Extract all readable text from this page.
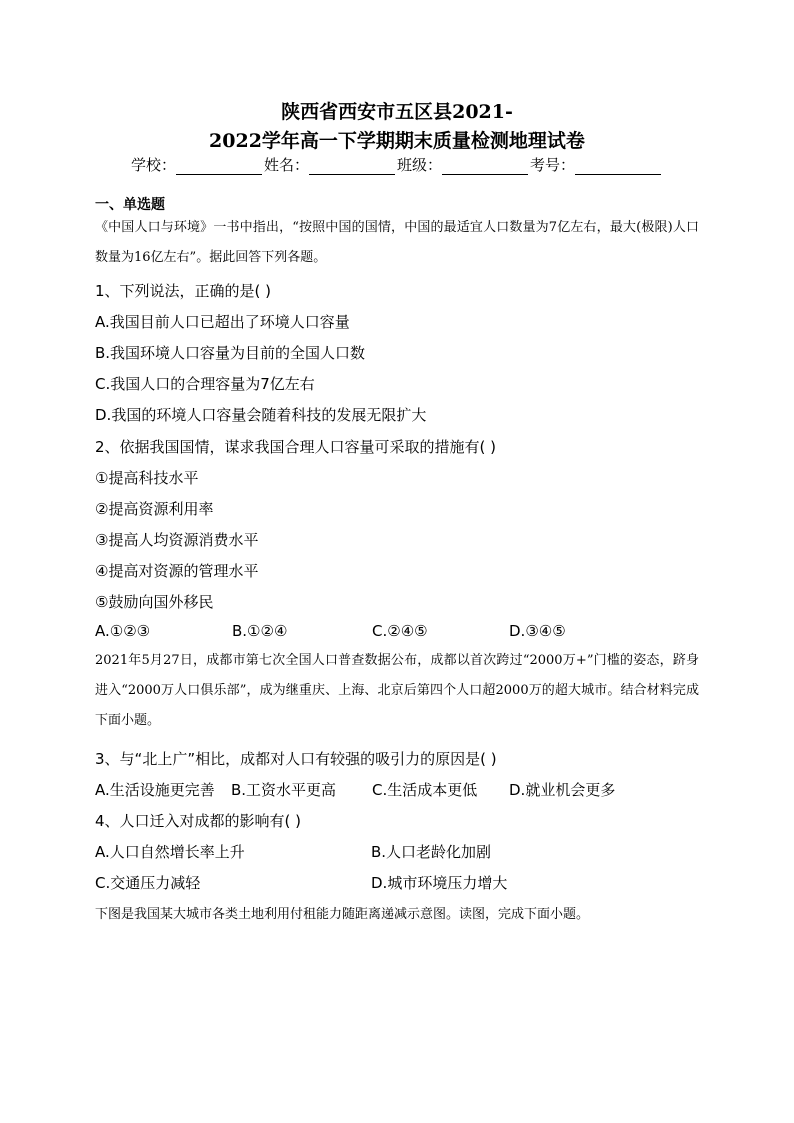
陕西省西安市五区县2021-
2022学年高一下学期期末质量检测地理试卷
学校：	姓名：	班级：	考号：
一、单选题
《中国人口与环境》一书中指出，“按照中国的国情，中国的最适宜人口数量为7亿左右，最大(极限)人口数量为16亿左右”。据此回答下列各题。
1、下列说法，正确的是( )
A.我国目前人口已超出了环境人口容量
B.我国环境人口容量为目前的全国人口数
C.我国人口的合理容量为7亿左右
D.我国的环境人口容量会随着科技的发展无限扩大
2、依据我国国情，谋求我国合理人口容量可采取的措施有( )
①提高科技水平
②提高资源利用率
③提高人均资源消费水平
④提高对资源的管理水平
⑤鼓励向国外移民
A.①②③	B.①②④	C.②④⑤	D.③④⑤
2021年5月27日，成都市第七次全国人口普查数据公布，成都以首次跨过“2000万+”门槛的姿态，跻身进入“2000万人口俱乐部”，成为继重庆、上海、北京后第四个人口超2000万的超大城市。结合材料完成下面小题。
3、与“北上广”相比，成都对人口有较强的吸引力的原因是( )
A.生活设施更完善 B.工资水平更高 C.生活成本更低 D.就业机会更多
4、人口迁入对成都的影响有( )
A.人口自然增长率上升	B.人口老龄化加剧
C.交通压力减轻	D.城市环境压力增大
下图是我国某大城市各类土地利用付租能力随距离递减示意图。读图，完成下面小题。
